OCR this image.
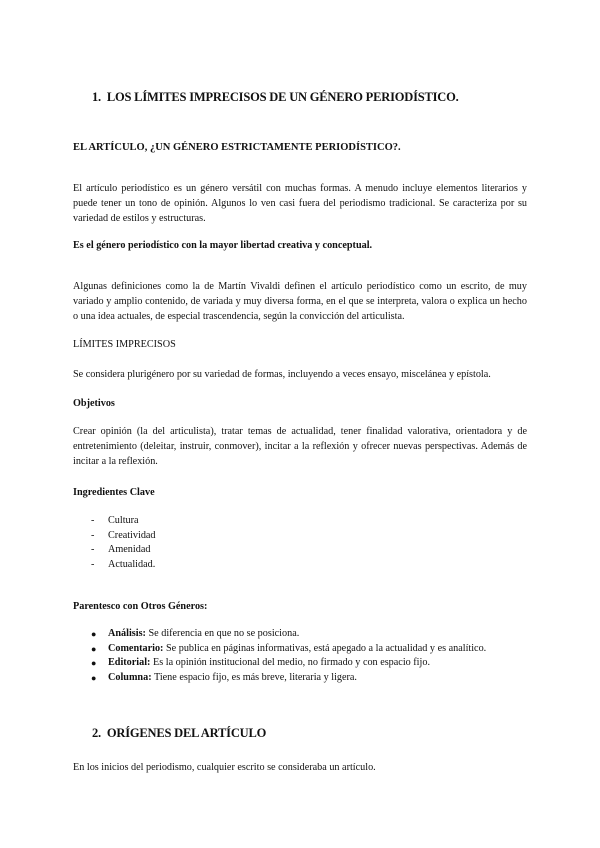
1. LOS LÍMITES IMPRECISOS DE UN GÉNERO PERIODÍSTICO.
EL ARTÍCULO, ¿UN GÉNERO ESTRICTAMENTE PERIODÍSTICO?.
El artículo periodístico es un género versátil con muchas formas. A menudo incluye elementos literarios y puede tener un tono de opinión. Algunos lo ven casi fuera del periodismo tradicional. Se caracteriza por su variedad de estilos y estructuras.
Es el género periodístico con la mayor libertad creativa y conceptual.
Algunas definiciones como la de Martín Vivaldi definen el artículo periodístico como un escrito, de muy variado y amplio contenido, de variada y muy diversa forma, en el que se interpreta, valora o explica un hecho o una idea actuales, de especial trascendencia, según la convicción del articulista.
LÍMITES IMPRECISOS
Se considera plurigénero por su variedad de formas, incluyendo a veces ensayo, miscelánea y epístola.
Objetivos
Crear opinión (la del articulista), tratar temas de actualidad, tener finalidad valorativa, orientadora y de entretenimiento (deleitar, instruir, conmover), incitar a la reflexión y ofrecer nuevas perspectivas. Además de incitar a la reflexión.
Ingredientes Clave
- Cultura
- Creatividad
- Amenidad
- Actualidad.
Parentesco con Otros Géneros:
● Análisis: Se diferencia en que no se posiciona.
● Comentario: Se publica en páginas informativas, está apegado a la actualidad y es analítico.
● Editorial: Es la opinión institucional del medio, no firmado y con espacio fijo.
● Columna: Tiene espacio fijo, es más breve, literaria y ligera.
2. ORÍGENES DEL ARTÍCULO
En los inicios del periodismo, cualquier escrito se consideraba un artículo.
